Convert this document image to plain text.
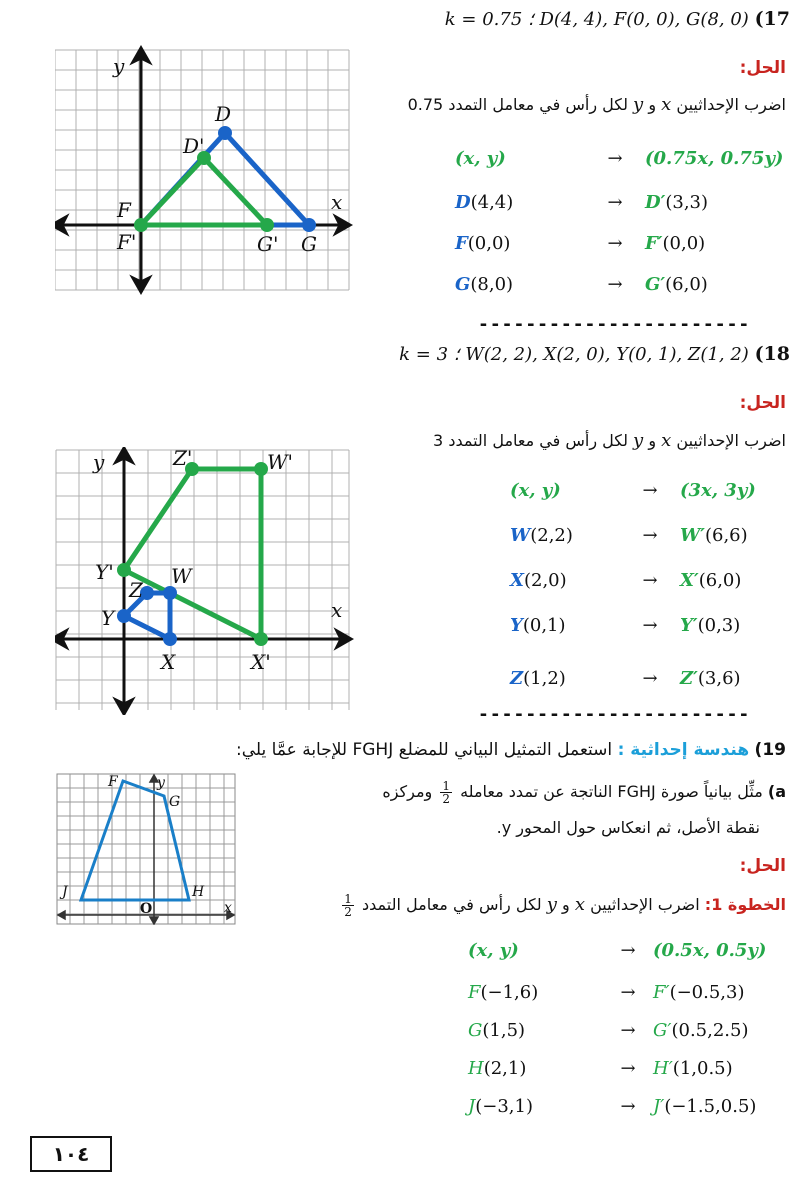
k = 0.75 ؛ D(4, 4), F(0, 0), G(8, 0) (17
الحل:
اضرب الإحداثيين x و y لكل رأس في معامل التمدد 0.75
(x, y)	→	(0.75x, 0.75y)
D(4,4)	→	D′(3,3)
F(0,0)	→	F′(0,0)
G(8,0)	→	G′(6,0)
y
x
D
D'
F
F'	G' G
-----------------------
k = 3 ؛ W(2, 2), X(2, 0), Y(0, 1), Z(1, 2) (18
الحل:
اضرب الإحداثيين x و y لكل رأس في معامل التمدد 3
(x, y)	→	(3x, 3y)
W(2,2)	→	W′(6,6)
X(2,0)	→	X′(6,0)
Y(0,1)	→	Y′(0,3)
Z(1,2)	→	Z′(3,6)
y
x
Z'	W'
Y'
Z
W
Y
X	X'
-----------------------
19) هندسة إحداثية : استعمل التمثيل البياني للمضلع FGHJ للإجابة عمَّا يلي:
a) مثِّل بيانياً صورة FGHJ الناتجة عن تمدد معامله
$\frac{1}{2}$
ومركزه
نقطة الأصل، ثم انعكاس حول المحور y.
الحل:
الخطوة 1: اضرب الإحداثيين x و y لكل رأس في معامل التمدد
$\frac{1}{2}$
(x, y)	→ (0.5x, 0.5y)
F(−1,6)	→ F′(−0.5,3)
G(1,5)	→ G′(0.5,2.5)
H(2,1)	→ H′(1,0.5)
J(−3,1)	→ J′(−1.5,0.5)
F	y
G
J	H
O	x
١٠٤
